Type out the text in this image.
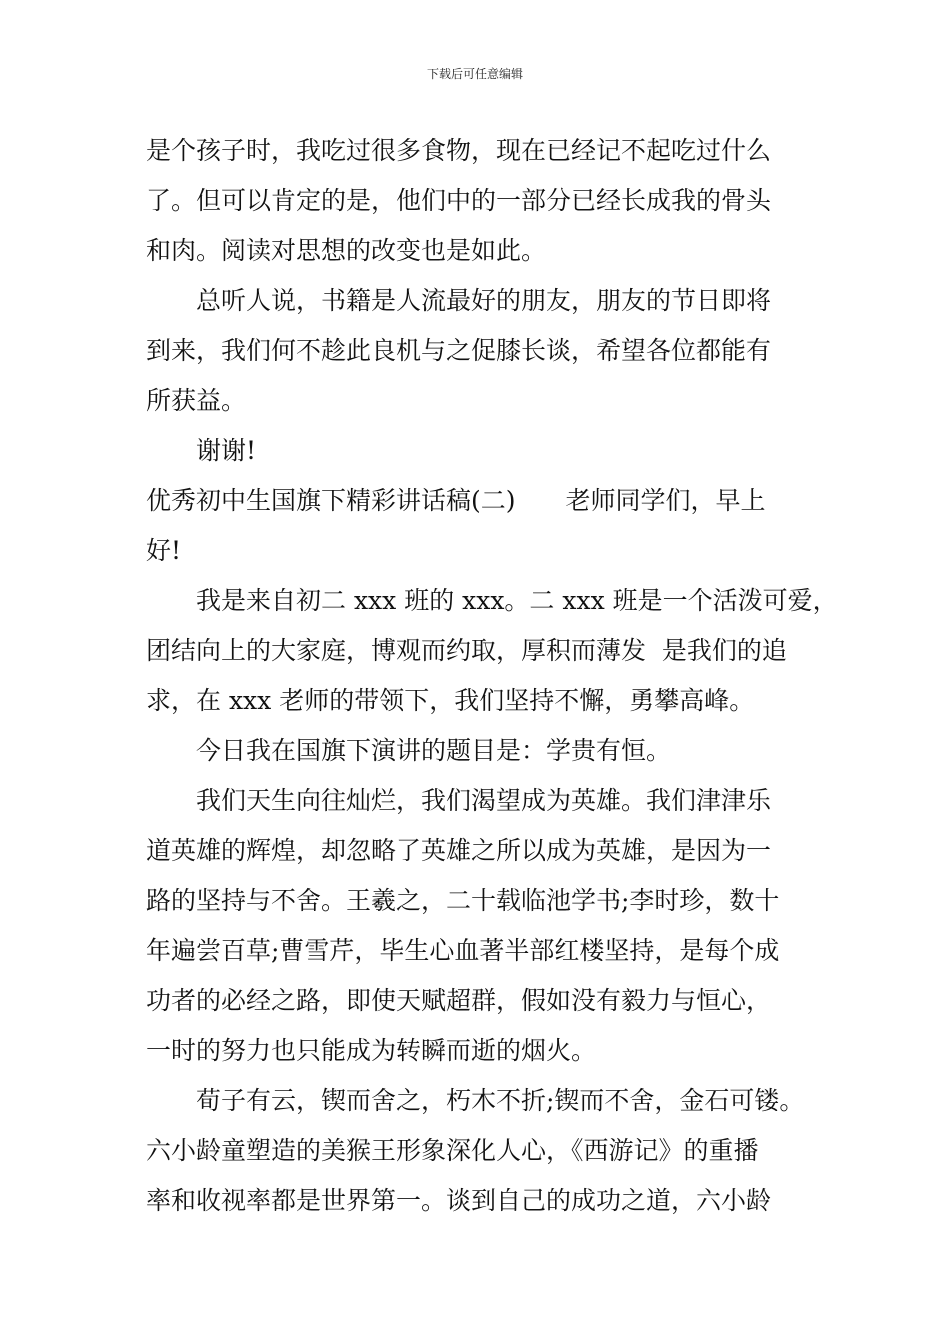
下载后可任意编辑
是个孩子时，我吃过很多食物，现在已经记不起吃过什么
了。但可以肯定的是，他们中的一部分已经长成我的骨头
和肉。阅读对思想的改变也是如此。
总听人说，书籍是人流最好的朋友，朋友的节日即将
到来，我们何不趁此良机与之促膝长谈，希望各位都能有
所获益。
谢谢!
优秀初中生国旗下精彩讲话稿(二)　　老师同学们，早上
好!
我是来自初二 xxx 班的 xxx。二 xxx 班是一个活泼可爱，
团结向上的大家庭，博观而约取，厚积而薄发  是我们的追
求，在 xxx 老师的带领下，我们坚持不懈，勇攀高峰。
今日我在国旗下演讲的题目是：学贵有恒。
我们天生向往灿烂，我们渴望成为英雄。我们津津乐
道英雄的辉煌，却忽略了英雄之所以成为英雄，是因为一
路的坚持与不舍。王羲之，二十载临池学书;李时珍，数十
年遍尝百草;曹雪芹，毕生心血著半部红楼坚持，是每个成
功者的必经之路，即使天赋超群，假如没有毅力与恒心，
一时的努力也只能成为转瞬而逝的烟火。
荀子有云，锲而舍之，朽木不折;锲而不舍，金石可镂。
六小龄童塑造的美猴王形象深化人心，《西游记》的重播
率和收视率都是世界第一。谈到自己的成功之道，六小龄
